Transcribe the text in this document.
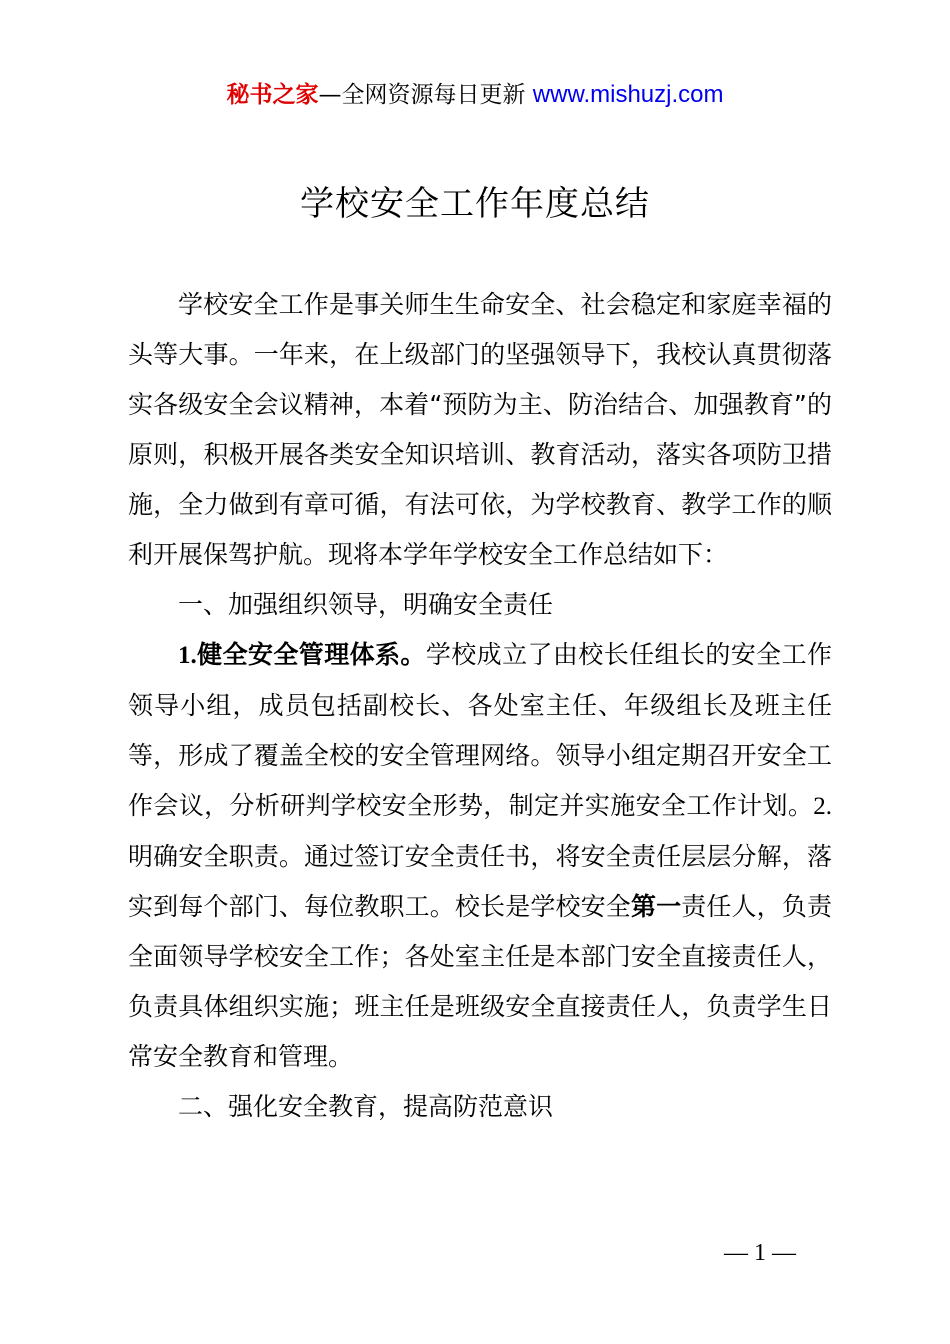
秘书之家—全网资源每日更新 www.mishuzj.com
学校安全工作年度总结

学校安全工作是事关师生生命安全、社会稳定和家庭幸福的头等大事。一年来，在上级部门的坚强领导下，我校认真贯彻落实各级安全会议精神，本着“预防为主、防治结合、加强教育”的原则，积极开展各类安全知识培训、教育活动，落实各项防卫措施，全力做到有章可循，有法可依，为学校教育、教学工作的顺利开展保驾护航。现将本学年学校安全工作总结如下：

一、加强组织领导，明确安全责任

1.健全安全管理体系。学校成立了由校长任组长的安全工作领导小组，成员包括副校长、各处室主任、年级组长及班主任等，形成了覆盖全校的安全管理网络。领导小组定期召开安全工作会议，分析研判学校安全形势，制定并实施安全工作计划。2.明确安全职责。通过签订安全责任书，将安全责任层层分解，落实到每个部门、每位教职工。校长是学校安全第一责任人，负责全面领导学校安全工作；各处室主任是本部门安全直接责任人，负责具体组织实施；班主任是班级安全直接责任人，负责学生日常安全教育和管理。

二、强化安全教育，提高防范意识

— 1 —
